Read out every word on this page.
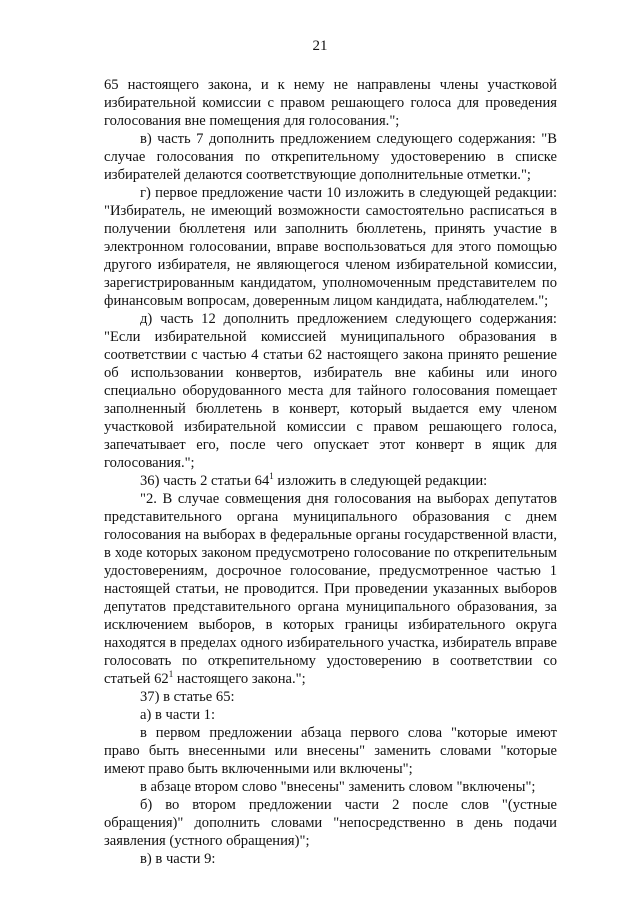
21

65 настоящего закона, и к нему не направлены члены участковой избирательной комиссии с правом решающего голоса для проведения голосования вне помещения для голосования.";

в) часть 7 дополнить предложением следующего содержания: "В случае голосования по открепительному удостоверению в списке избирателей делаются соответствующие дополнительные отметки.";

г) первое предложение части 10 изложить в следующей редакции: "Избиратель, не имеющий возможности самостоятельно расписаться в получении бюллетеня или заполнить бюллетень, принять участие в электронном голосовании, вправе воспользоваться для этого помощью другого избирателя, не являющегося членом избирательной комиссии, зарегистрированным кандидатом, уполномоченным представителем по финансовым вопросам, доверенным лицом кандидата, наблюдателем.";

д) часть 12 дополнить предложением следующего содержания: "Если избирательной комиссией муниципального образования в соответствии с частью 4 статьи 62 настоящего закона принято решение об использовании конвертов, избиратель вне кабины или иного специально оборудованного места для тайного голосования помещает заполненный бюллетень в конверт, который выдается ему членом участковой избирательной комиссии с правом решающего голоса, запечатывает его, после чего опускает этот конверт в ящик для голосования.";

36) часть 2 статьи $64^1$ изложить в следующей редакции:

"2. В случае совмещения дня голосования на выборах депутатов представительного органа муниципального образования с днем голосования на выборах в федеральные органы государственной власти, в ходе которых законом предусмотрено голосование по открепительным удостоверениям, досрочное голосование, предусмотренное частью 1 настоящей статьи, не проводится. При проведении указанных выборов депутатов представительного органа муниципального образования, за исключением выборов, в которых границы избирательного округа находятся в пределах одного избирательного участка, избиратель вправе голосовать по открепительному удостоверению в соответствии со статьей $62^1$ настоящего закона.";

37) в статье 65:

а) в части 1:

в первом предложении абзаца первого слова "которые имеют право быть внесенными или внесены" заменить словами "которые имеют право быть включенными или включены";

в абзаце втором слово "внесены" заменить словом "включены";

б) во втором предложении части 2 после слов "(устные обращения)" дополнить словами "непосредственно в день подачи заявления (устного обращения)";

в) в части 9:
